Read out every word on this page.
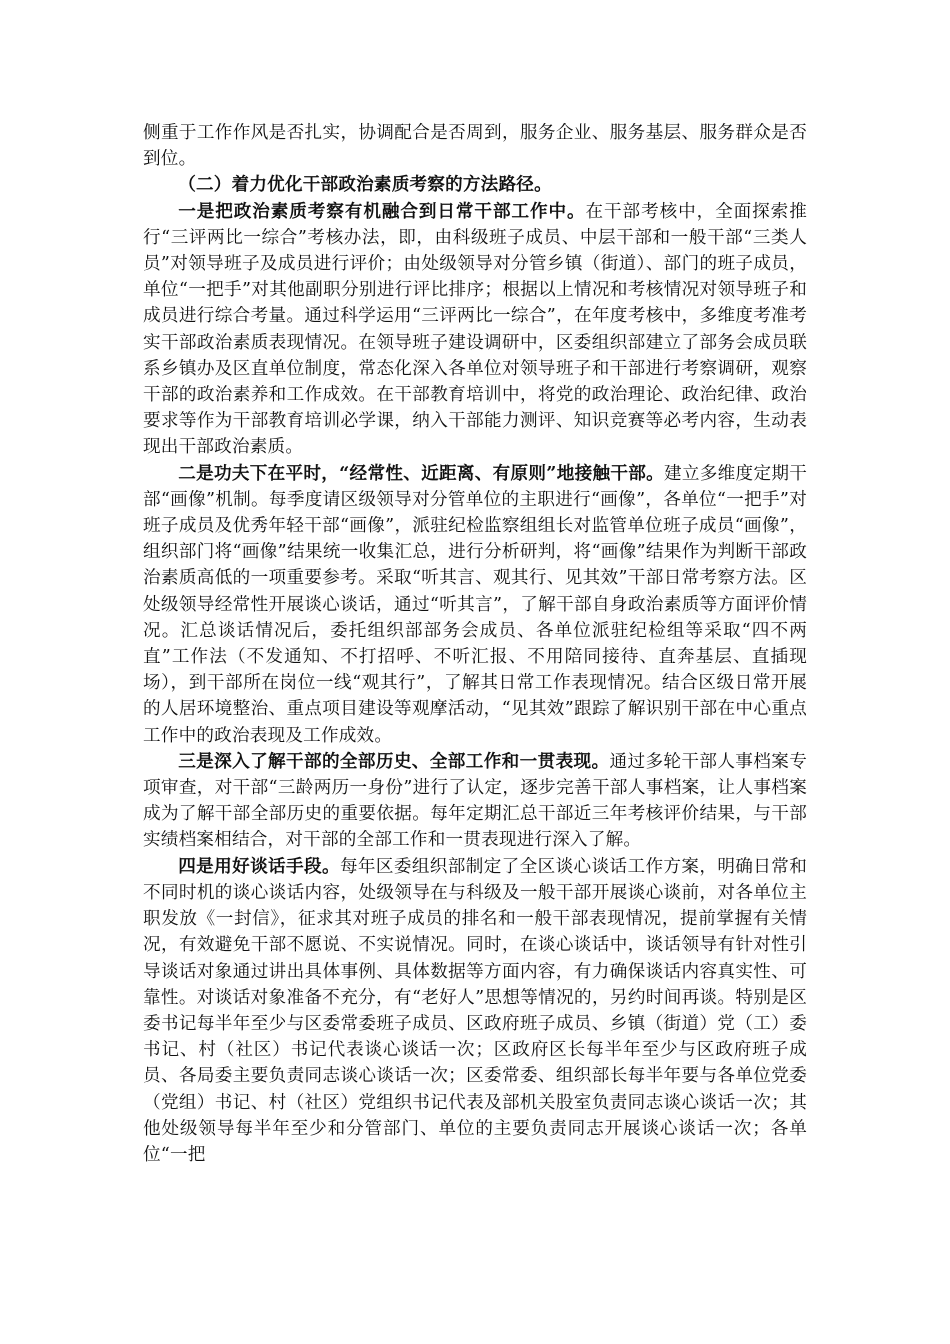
侧重于工作作风是否扎实，协调配合是否周到，服务企业、服务基层、服务群众是否到位。

（二）着力优化干部政治素质考察的方法路径。

一是把政治素质考察有机融合到日常干部工作中。在干部考核中，全面探索推行“三评两比一综合”考核办法，即，由科级班子成员、中层干部和一般干部“三类人员”对领导班子及成员进行评价；由处级领导对分管乡镇（街道）、部门的班子成员，单位“一把手”对其他副职分别进行评比排序；根据以上情况和考核情况对领导班子和成员进行综合考量。通过科学运用“三评两比一综合”，在年度考核中，多维度考准考实干部政治素质表现情况。在领导班子建设调研中，区委组织部建立了部务会成员联系乡镇办及区直单位制度，常态化深入各单位对领导班子和干部进行考察调研，观察干部的政治素养和工作成效。在干部教育培训中，将党的政治理论、政治纪律、政治要求等作为干部教育培训必学课，纳入干部能力测评、知识竞赛等必考内容，生动表现出干部政治素质。

二是功夫下在平时，“经常性、近距离、有原则”地接触干部。建立多维度定期干部“画像”机制。每季度请区级领导对分管单位的主职进行“画像”，各单位“一把手”对班子成员及优秀年轻干部“画像”，派驻纪检监察组组长对监管单位班子成员“画像”，组织部门将“画像”结果统一收集汇总，进行分析研判，将“画像”结果作为判断干部政治素质高低的一项重要参考。采取“听其言、观其行、见其效”干部日常考察方法。区处级领导经常性开展谈心谈话，通过“听其言”，了解干部自身政治素质等方面评价情况。汇总谈话情况后，委托组织部部务会成员、各单位派驻纪检组等采取“四不两直”工作法（不发通知、不打招呼、不听汇报、不用陪同接待、直奔基层、直插现场），到干部所在岗位一线“观其行”，了解其日常工作表现情况。结合区级日常开展的人居环境整治、重点项目建设等观摩活动，“见其效”跟踪了解识别干部在中心重点工作中的政治表现及工作成效。

三是深入了解干部的全部历史、全部工作和一贯表现。通过多轮干部人事档案专项审查，对干部“三龄两历一身份”进行了认定，逐步完善干部人事档案，让人事档案成为了解干部全部历史的重要依据。每年定期汇总干部近三年考核评价结果，与干部实绩档案相结合，对干部的全部工作和一贯表现进行深入了解。

四是用好谈话手段。每年区委组织部制定了全区谈心谈话工作方案，明确日常和不同时机的谈心谈话内容，处级领导在与科级及一般干部开展谈心谈前，对各单位主职发放《一封信》，征求其对班子成员的排名和一般干部表现情况，提前掌握有关情况，有效避免干部不愿说、不实说情况。同时，在谈心谈话中，谈话领导有针对性引导谈话对象通过讲出具体事例、具体数据等方面内容，有力确保谈话内容真实性、可靠性。对谈话对象准备不充分，有“老好人”思想等情况的，另约时间再谈。特别是区委书记每半年至少与区委常委班子成员、区政府班子成员、乡镇（街道）党（工）委书记、村（社区）书记代表谈心谈话一次；区政府区长每半年至少与区政府班子成员、各局委主要负责同志谈心谈话一次；区委常委、组织部长每半年要与各单位党委（党组）书记、村（社区）党组织书记代表及部机关股室负责同志谈心谈话一次；其他处级领导每半年至少和分管部门、单位的主要负责同志开展谈心谈话一次；各单位“一把
